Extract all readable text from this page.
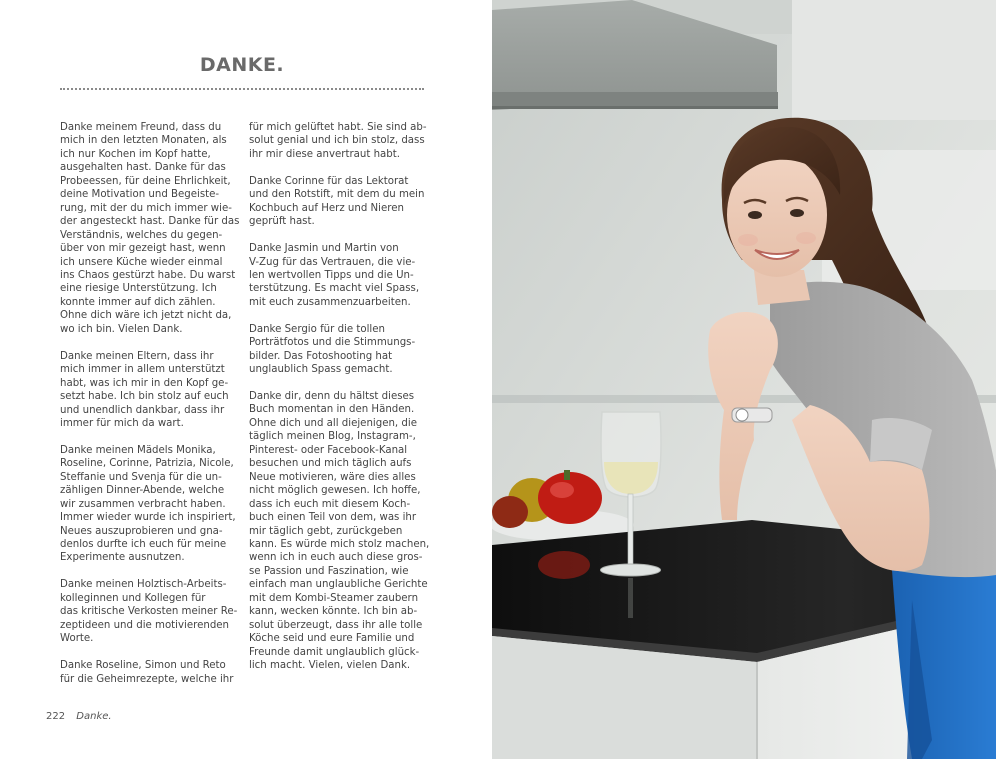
DANKE.

Danke meinem Freund, dass du
mich in den letzten Monaten, als
ich nur Kochen im Kopf hatte,
ausgehalten hast. Danke für das
Probeessen, für deine Ehrlichkeit,
deine Motivation und Begeiste-
rung, mit der du mich immer wie-
der angesteckt hast. Danke für das
Verständnis, welches du gegen-
über von mir gezeigt hast, wenn
ich unsere Küche wieder einmal
ins Chaos gestürzt habe. Du warst
eine riesige Unterstützung. Ich
konnte immer auf dich zählen.
Ohne dich wäre ich jetzt nicht da,
wo ich bin. Vielen Dank.

Danke meinen Eltern, dass ihr
mich immer in allem unterstützt
habt, was ich mir in den Kopf ge-
setzt habe. Ich bin stolz auf euch
und unendlich dankbar, dass ihr
immer für mich da wart.

Danke meinen Mädels Monika,
Roseline, Corinne, Patrizia, Nicole,
Steffanie und Svenja für die un-
zähligen Dinner-Abende, welche
wir zusammen verbracht haben.
Immer wieder wurde ich inspiriert,
Neues auszuprobieren und gna-
denlos durfte ich euch für meine
Experimente ausnutzen.

Danke meinen Holztisch-Arbeits-
kolleginnen und Kollegen für
das kritische Verkosten meiner Re-
zeptideen und die motivierenden
Worte.

Danke Roseline, Simon und Reto
für die Geheimrezepte, welche ihr

für mich gelüftet habt. Sie sind ab-
solut genial und ich bin stolz, dass
ihr mir diese anvertraut habt.

Danke Corinne für das Lektorat
und den Rotstift, mit dem du mein
Kochbuch auf Herz und Nieren
geprüft hast.

Danke Jasmin und Martin von
V-Zug für das Vertrauen, die vie-
len wertvollen Tipps und die Un-
terstützung. Es macht viel Spass,
mit euch zusammenzuarbeiten.

Danke Sergio für die tollen
Porträtfotos und die Stimmungs-
bilder. Das Fotoshooting hat
unglaublich Spass gemacht.

Danke dir, denn du hältst dieses
Buch momentan in den Händen.
Ohne dich und all diejenigen, die
täglich meinen Blog, Instagram-,
Pinterest- oder Facebook-Kanal
besuchen und mich täglich aufs
Neue motivieren, wäre dies alles
nicht möglich gewesen. Ich hoffe,
dass ich euch mit diesem Koch-
buch einen Teil von dem, was ihr
mir täglich gebt, zurückgeben
kann. Es würde mich stolz machen,
wenn ich in euch auch diese gros-
se Passion und Faszination, wie
einfach man unglaubliche Gerichte
mit dem Kombi-Steamer zaubern
kann, wecken könnte. Ich bin ab-
solut überzeugt, dass ihr alle tolle
Köche seid und eure Familie und
Freunde damit unglaublich glück-
lich macht. Vielen, vielen Dank.

222 Danke.
